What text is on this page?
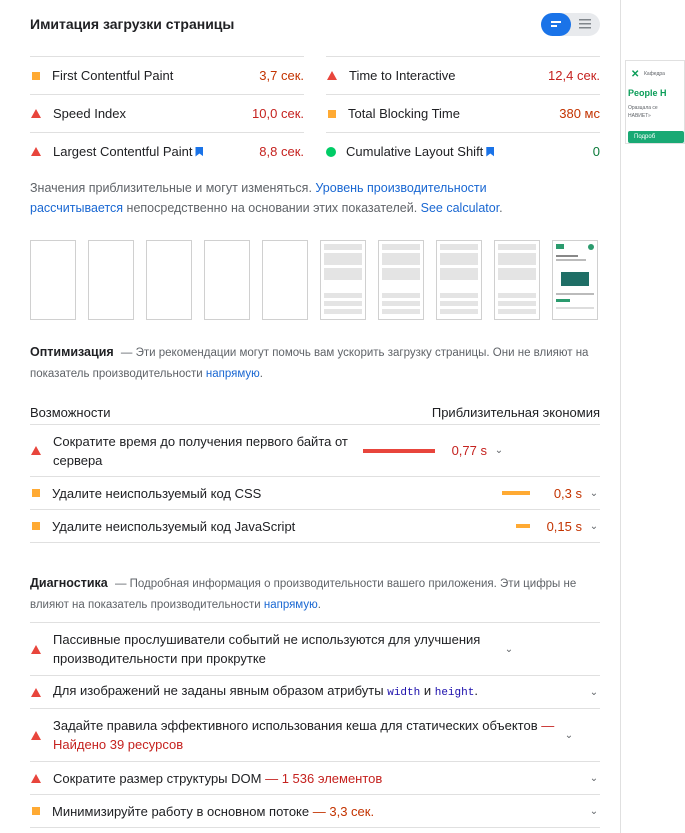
Имитация загрузки страницы
First Contentful Paint	3,7 сек.	Time to Interactive	12,4 сек.
Speed Index	10,0 сек.	Total Blocking Time	380 мс
Largest Contentful Paint	8,8 сек.	Cumulative Layout Shift	0
Значения приблизительные и могут изменяться. Уровень производительности
рассчитывается непосредственно на основании этих показателей. See calculator.
Оптимизация — Эти рекомендации могут помочь вам ускорить загрузку страницы. Они не влияют на показатель производительности напрямую.
Возможности	Приблизительная экономия
Сократите время до получения первого байта от сервера
0,77 s ⌄
Удалите неиспользуемый код CSS	0,3 s ⌄
Удалите неиспользуемый код JavaScript	0,15 s ⌄
Диагностика — Подробная информация о производительности вашего приложения. Эти цифры не влияют на показатель производительности напрямую.
Пассивные прослушиватели событий не используются для улучшения производительности при прокрутке
⌄
Для изображений не заданы явным образом атрибуты width и height.	⌄
Задайте правила эффективного использования кеша для статических объектов — Найдено 39 ресурсов
⌄
Сократите размер структуры DOM — 1 536 элементов	⌄
Минимизируйте работу в основном потоке — 3,3 сек.	⌄
✕ Кафедра
People H
Оразцала се
НАВИЕТ»
Подроб
